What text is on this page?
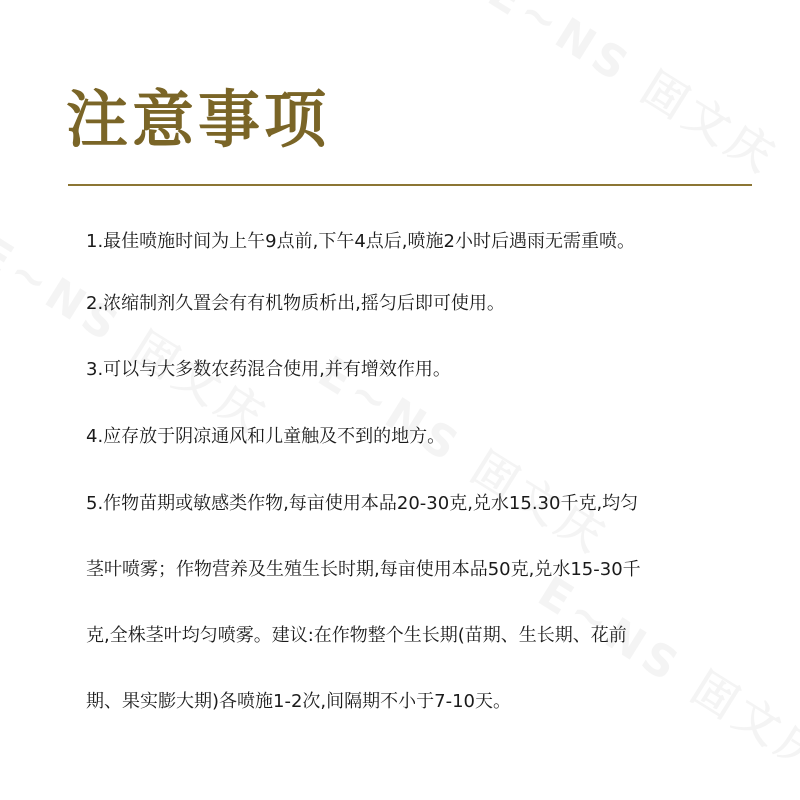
注意事项
1.最佳喷施时间为上午9点前,下午4点后,喷施2小时后遇雨无需重喷。
2.浓缩制剂久置会有有机物质析出,摇匀后即可使用。
3.可以与大多数农药混合使用,并有增效作用。
4.应存放于阴凉通风和儿童触及不到的地方。
5.作物苗期或敏感类作物,每亩使用本品20-30克,兑水15.30千克,均匀
茎叶喷雾；作物营养及生殖生长时期,每亩使用本品50克,兑水15-30千
克,全株茎叶均匀喷雾。建议:在作物整个生长期(苗期、生长期、花前
期、果实膨大期)各喷施1-2次,间隔期不小于7-10天。
